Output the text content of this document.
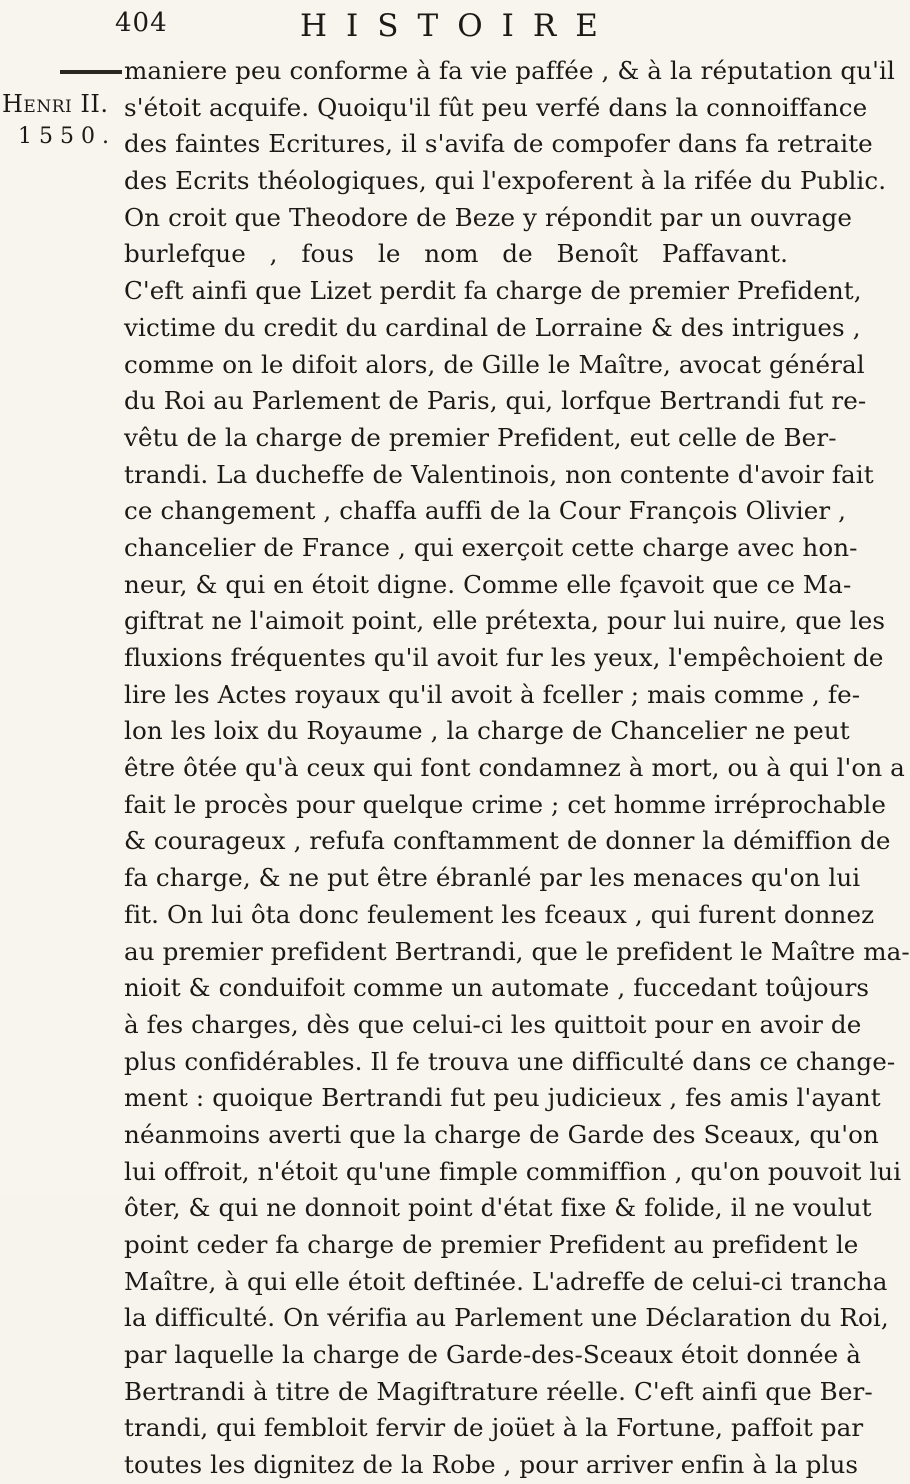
404	HISTOIRE
Henri II.
1550.
maniere peu conforme à fa vie paffée , & à la réputation qu'il
s'étoit acquife. Quoiqu'il fût peu verfé dans la connoiffance
des faintes Ecritures, il s'avifa de compofer dans fa retraite
des Ecrits théologiques, qui l'expoferent à la rifée du Public.
On croit que Theodore de Beze y répondit par un ouvrage
burlefque , fous le nom de Benoît Paffavant.
C'eft ainfi que Lizet perdit fa charge de premier Prefident,
victime du credit du cardinal de Lorraine & des intrigues ,
comme on le difoit alors, de Gille le Maître, avocat général
du Roi au Parlement de Paris, qui, lorfque Bertrandi fut re-
vêtu de la charge de premier Prefident, eut celle de Ber-
trandi. La ducheffe de Valentinois, non contente d'avoir fait
ce changement , chaffa auffi de la Cour François Olivier ,
chancelier de France , qui exerçoit cette charge avec hon-
neur, & qui en étoit digne. Comme elle fçavoit que ce Ma-
giftrat ne l'aimoit point, elle prétexta, pour lui nuire, que les
fluxions fréquentes qu'il avoit fur les yeux, l'empêchoient de
lire les Actes royaux qu'il avoit à fceller ; mais comme , fe-
lon les loix du Royaume , la charge de Chancelier ne peut
être ôtée qu'à ceux qui font condamnez à mort, ou à qui l'on a
fait le procès pour quelque crime ; cet homme irréprochable
& courageux , refufa conftamment de donner la démiffion de
fa charge, & ne put être ébranlé par les menaces qu'on lui
fit. On lui ôta donc feulement les fceaux , qui furent donnez
au premier prefident Bertrandi, que le prefident le Maître ma-
nioit & conduifoit comme un automate , fuccedant toûjours
à fes charges, dès que celui-ci les quittoit pour en avoir de
plus confidérables. Il fe trouva une difficulté dans ce change-
ment : quoique Bertrandi fut peu judicieux , fes amis l'ayant
néanmoins averti que la charge de Garde des Sceaux, qu'on
lui offroit, n'étoit qu'une fimple commiffion , qu'on pouvoit lui
ôter, & qui ne donnoit point d'état fixe & folide, il ne voulut
point ceder fa charge de premier Prefident au prefident le
Maître, à qui elle étoit deftinée. L'adreffe de celui-ci trancha
la difficulté. On vérifia au Parlement une Déclaration du Roi,
par laquelle la charge de Garde-des-Sceaux étoit donnée à
Bertrandi à titre de Magiftrature réelle. C'eft ainfi que Ber-
trandi, qui fembloit fervir de joüet à la Fortune, paffoit par
toutes les dignitez de la Robe , pour arriver enfin à la plus
